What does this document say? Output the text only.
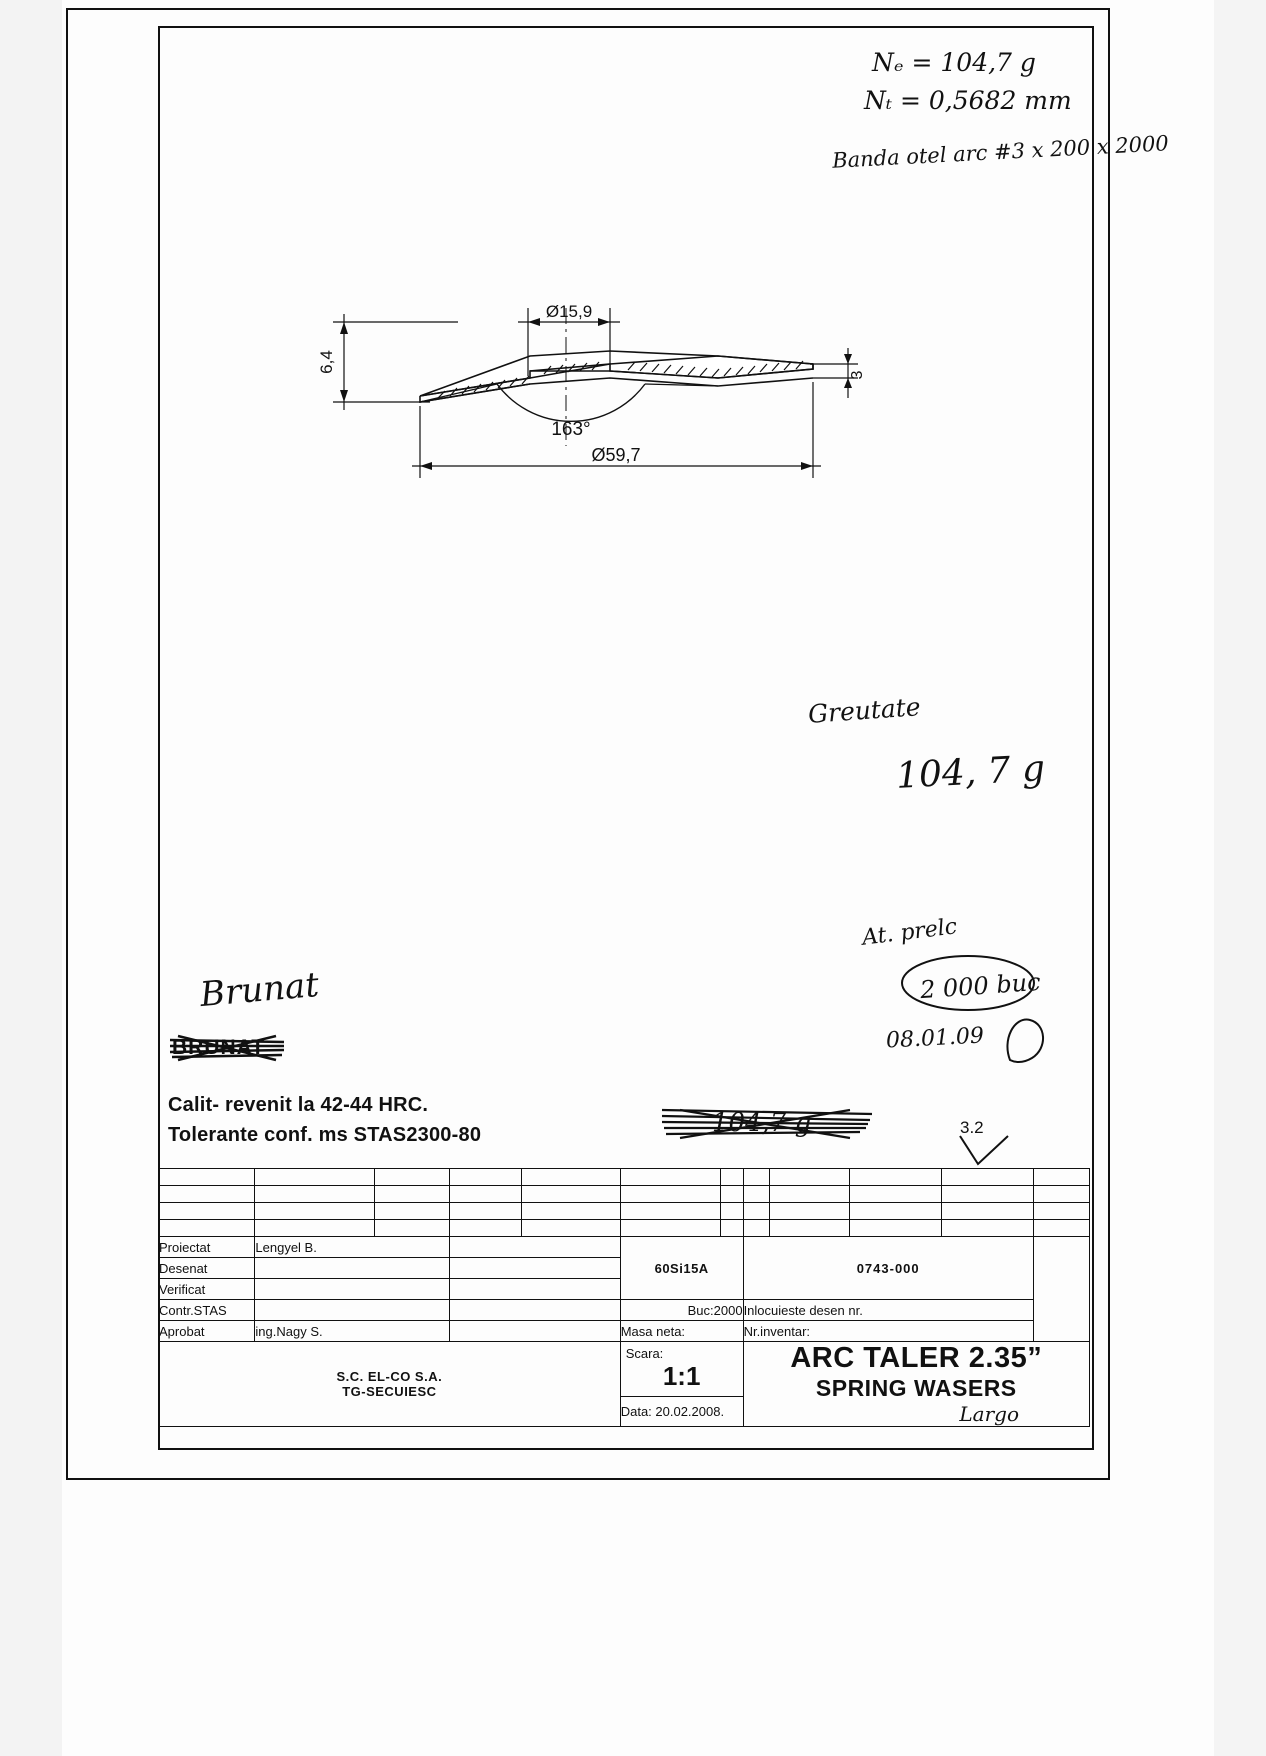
Ø15,9
Ø59,7
163°
6,4
3
Nₑ = 104,7 g
Nₜ = 0,5682 mm
Banda otel arc #3 x 200 x 2000
Greutate
104, 7 g
At. prelc
2 000 buc
08.01.09
Brunat
BRUNAT
104,7 g	3.2
Calit- revenit la 42-44 HRC.
Tolerante conf. ms STAS2300-80

Proiectat	Lengyel B.				60Si15A		0743-000				
Desenat											
Verificat											
Contr.STAS					Buc:2000		Inlocuieste desen nr.				
Aprobat	ing.Nagy S.				Masa neta:		Nr.inventar:				

S.C. EL-CO S.A.
TG-SECUIESC

Scara:
1:1

ARC TALER 2.35”
SPRING WASERS
Largo

					Data: 20.02.2008.						
